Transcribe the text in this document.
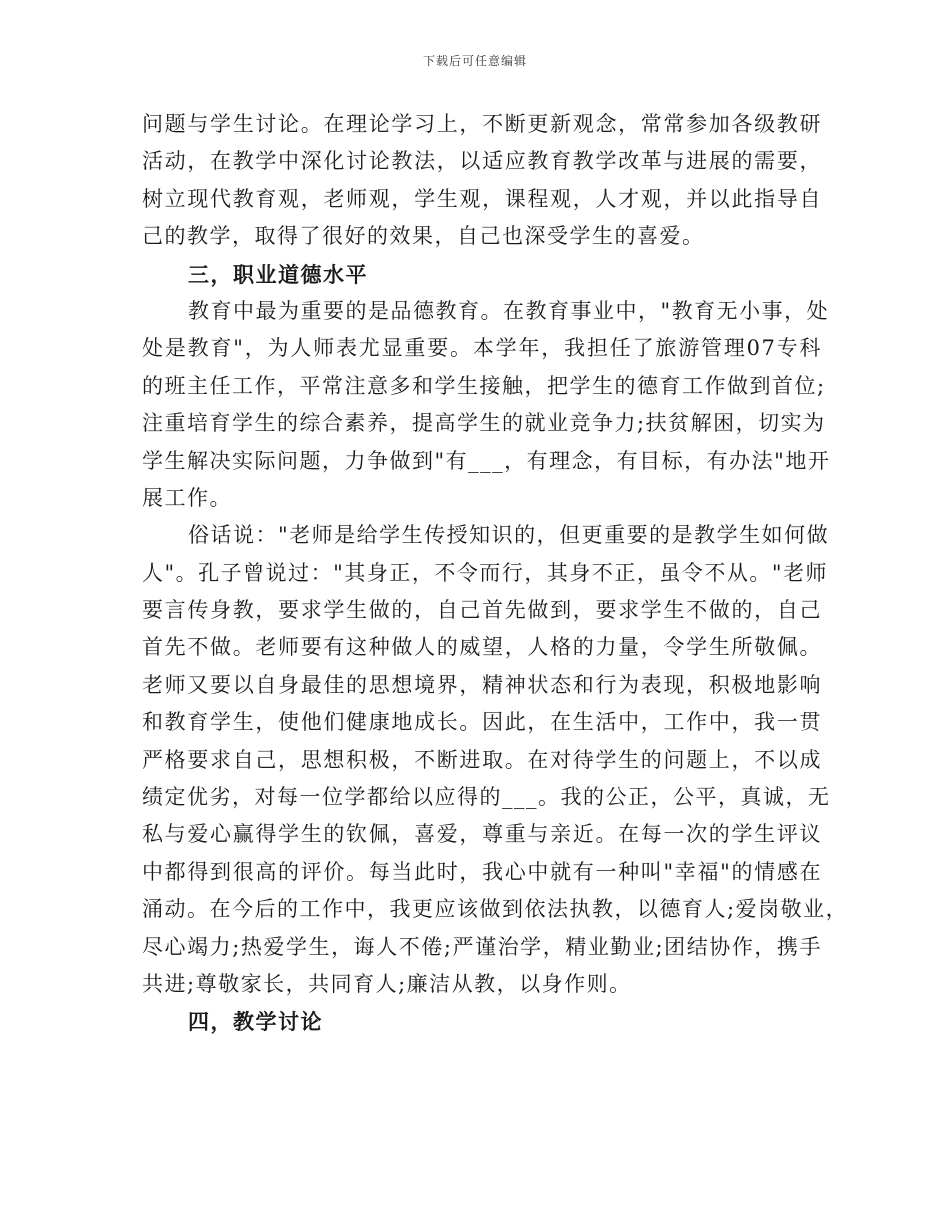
下载后可任意编辑
问题与学生讨论。在理论学习上，不断更新观念，常常参加各级教研
活动，在教学中深化讨论教法，以适应教育教学改革与进展的需要，
树立现代教育观，老师观，学生观，课程观，人才观，并以此指导自
己的教学，取得了很好的效果，自己也深受学生的喜爱。
三，职业道德水平
教育中最为重要的是品德教育。在教育事业中，"教育无小事，处
处是教育"，为人师表尤显重要。本学年，我担任了旅游管理07专科
的班主任工作，平常注意多和学生接触，把学生的德育工作做到首位;
注重培育学生的综合素养，提高学生的就业竞争力;扶贫解困，切实为
学生解决实际问题，力争做到"有___，有理念，有目标，有办法"地开
展工作。
俗话说："老师是给学生传授知识的，但更重要的是教学生如何做
人"。孔子曾说过："其身正，不令而行，其身不正，虽令不从。"老师
要言传身教，要求学生做的，自己首先做到，要求学生不做的，自己
首先不做。老师要有这种做人的威望，人格的力量，令学生所敬佩。
老师又要以自身最佳的思想境界，精神状态和行为表现，积极地影响
和教育学生，使他们健康地成长。因此，在生活中，工作中，我一贯
严格要求自己，思想积极，不断进取。在对待学生的问题上，不以成
绩定优劣，对每一位学都给以应得的___。我的公正，公平，真诚，无
私与爱心赢得学生的钦佩，喜爱，尊重与亲近。在每一次的学生评议
中都得到很高的评价。每当此时，我心中就有一种叫"幸福"的情感在
涌动。在今后的工作中，我更应该做到依法执教，以德育人;爱岗敬业，
尽心竭力;热爱学生，诲人不倦;严谨治学，精业勤业;团结协作，携手
共进;尊敬家长，共同育人;廉洁从教，以身作则。
四，教学讨论
